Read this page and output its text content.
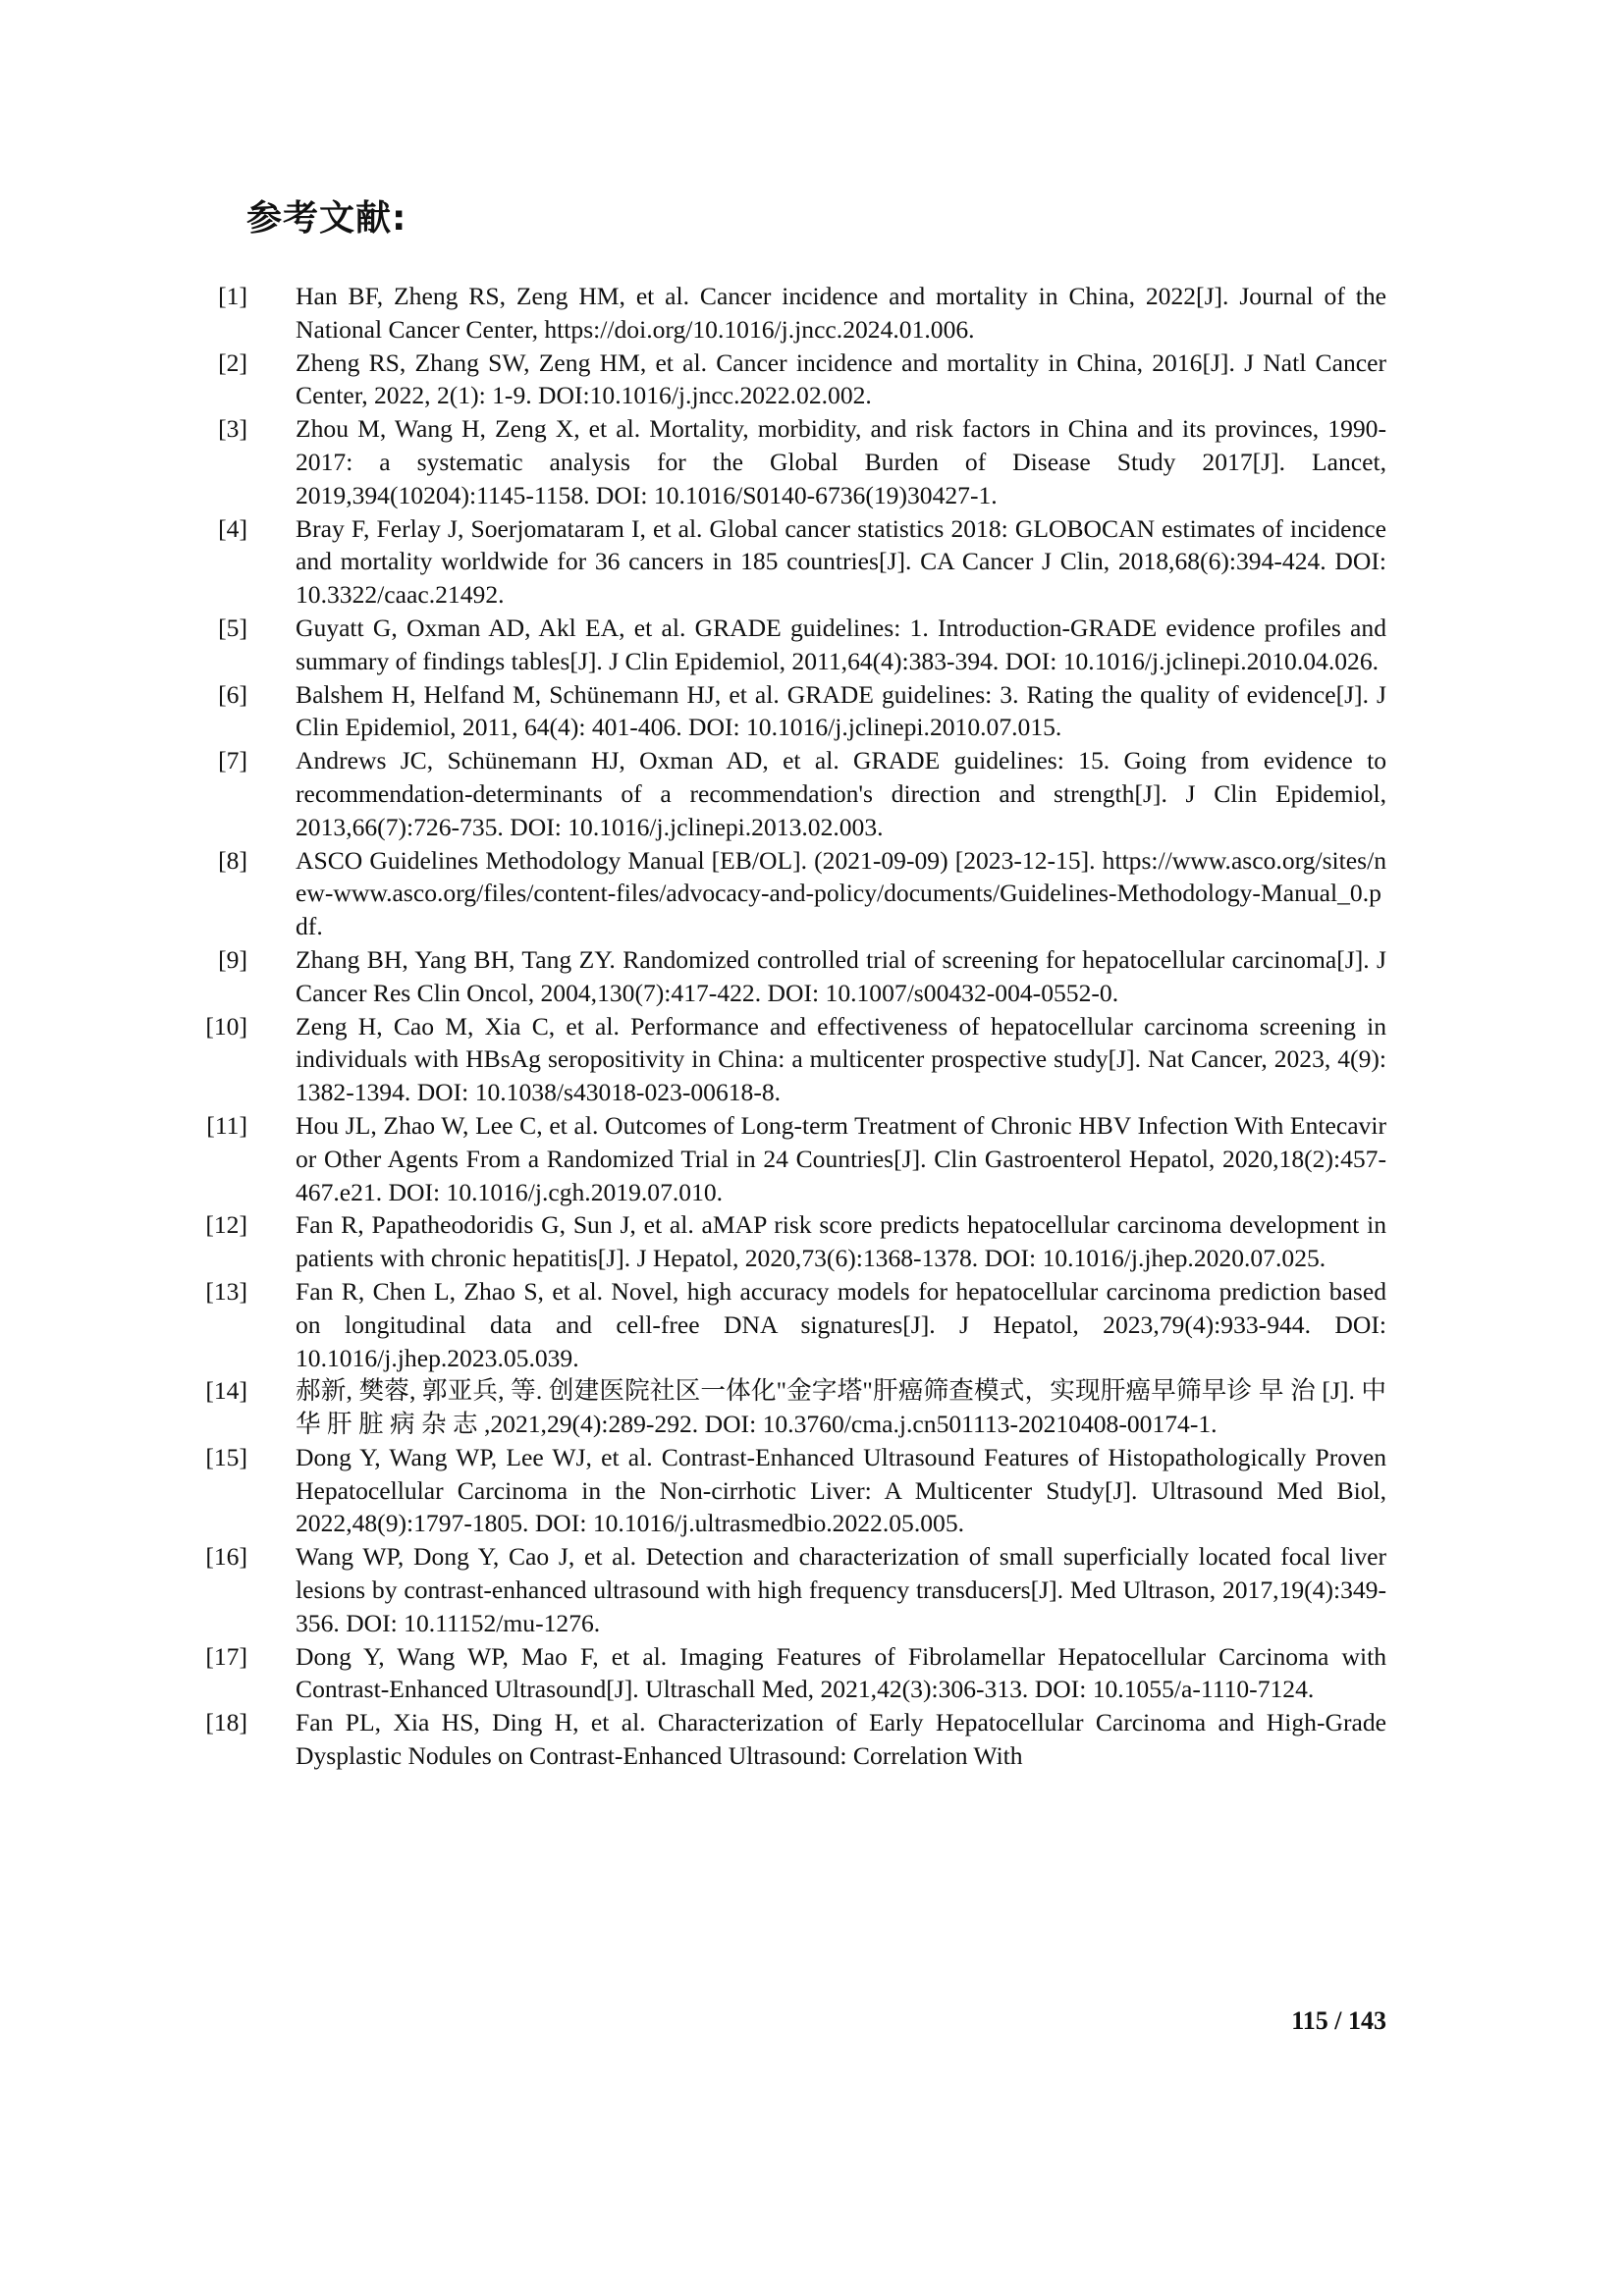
参考文献:
[1] Han BF, Zheng RS, Zeng HM, et al. Cancer incidence and mortality in China, 2022[J]. Journal of the National Cancer Center, https://doi.org/10.1016/j.jncc.2024.01.006.
[2] Zheng RS, Zhang SW, Zeng HM, et al. Cancer incidence and mortality in China, 2016[J]. J Natl Cancer Center, 2022, 2(1): 1-9. DOI:10.1016/j.jncc.2022.02.002.
[3] Zhou M, Wang H, Zeng X, et al. Mortality, morbidity, and risk factors in China and its provinces, 1990-2017: a systematic analysis for the Global Burden of Disease Study 2017[J]. Lancet, 2019,394(10204):1145-1158. DOI: 10.1016/S0140-6736(19)30427-1.
[4] Bray F, Ferlay J, Soerjomataram I, et al. Global cancer statistics 2018: GLOBOCAN estimates of incidence and mortality worldwide for 36 cancers in 185 countries[J]. CA Cancer J Clin, 2018,68(6):394-424. DOI: 10.3322/caac.21492.
[5] Guyatt G, Oxman AD, Akl EA, et al. GRADE guidelines: 1. Introduction-GRADE evidence profiles and summary of findings tables[J]. J Clin Epidemiol, 2011,64(4):383-394. DOI: 10.1016/j.jclinepi.2010.04.026.
[6] Balshem H, Helfand M, Schünemann HJ, et al. GRADE guidelines: 3. Rating the quality of evidence[J]. J Clin Epidemiol, 2011, 64(4): 401-406. DOI: 10.1016/j.jclinepi.2010.07.015.
[7] Andrews JC, Schünemann HJ, Oxman AD, et al. GRADE guidelines: 15. Going from evidence to recommendation-determinants of a recommendation's direction and strength[J]. J Clin Epidemiol, 2013,66(7):726-735. DOI: 10.1016/j.jclinepi.2013.02.003.
[8] ASCO Guidelines Methodology Manual [EB/OL]. (2021-09-09) [2023-12-15]. https://www.asco.org/sites/new-www.asco.org/files/content-files/advocacy-and-policy/documents/Guidelines-Methodology-Manual_0.pdf.
[9] Zhang BH, Yang BH, Tang ZY. Randomized controlled trial of screening for hepatocellular carcinoma[J]. J Cancer Res Clin Oncol, 2004,130(7):417-422. DOI: 10.1007/s00432-004-0552-0.
[10] Zeng H, Cao M, Xia C, et al. Performance and effectiveness of hepatocellular carcinoma screening in individuals with HBsAg seropositivity in China: a multicenter prospective study[J]. Nat Cancer, 2023, 4(9): 1382-1394. DOI: 10.1038/s43018-023-00618-8.
[11] Hou JL, Zhao W, Lee C, et al. Outcomes of Long-term Treatment of Chronic HBV Infection With Entecavir or Other Agents From a Randomized Trial in 24 Countries[J]. Clin Gastroenterol Hepatol, 2020,18(2):457-467.e21. DOI: 10.1016/j.cgh.2019.07.010.
[12] Fan R, Papatheodoridis G, Sun J, et al. aMAP risk score predicts hepatocellular carcinoma development in patients with chronic hepatitis[J]. J Hepatol, 2020,73(6):1368-1378. DOI: 10.1016/j.jhep.2020.07.025.
[13] Fan R, Chen L, Zhao S, et al. Novel, high accuracy models for hepatocellular carcinoma prediction based on longitudinal data and cell-free DNA signatures[J]. J Hepatol, 2023,79(4):933-944. DOI: 10.1016/j.jhep.2023.05.039.
[14] 郝新, 樊蓉, 郭亚兵, 等. 创建医院社区一体化"金字塔"肝癌筛查模式，实现肝癌早筛早诊 早 治 [J]. 中 华 肝 脏 病 杂 志 ,2021,29(4):289-292. DOI: 10.3760/cma.j.cn501113-20210408-00174-1.
[15] Dong Y, Wang WP, Lee WJ, et al. Contrast-Enhanced Ultrasound Features of Histopathologically Proven Hepatocellular Carcinoma in the Non-cirrhotic Liver: A Multicenter Study[J]. Ultrasound Med Biol, 2022,48(9):1797-1805. DOI: 10.1016/j.ultrasmedbio.2022.05.005.
[16] Wang WP, Dong Y, Cao J, et al. Detection and characterization of small superficially located focal liver lesions by contrast-enhanced ultrasound with high frequency transducers[J]. Med Ultrason, 2017,19(4):349-356. DOI: 10.11152/mu-1276.
[17] Dong Y, Wang WP, Mao F, et al. Imaging Features of Fibrolamellar Hepatocellular Carcinoma with Contrast-Enhanced Ultrasound[J]. Ultraschall Med, 2021,42(3):306-313. DOI: 10.1055/a-1110-7124.
[18] Fan PL, Xia HS, Ding H, et al. Characterization of Early Hepatocellular Carcinoma and High-Grade Dysplastic Nodules on Contrast-Enhanced Ultrasound: Correlation With
115 / 143
